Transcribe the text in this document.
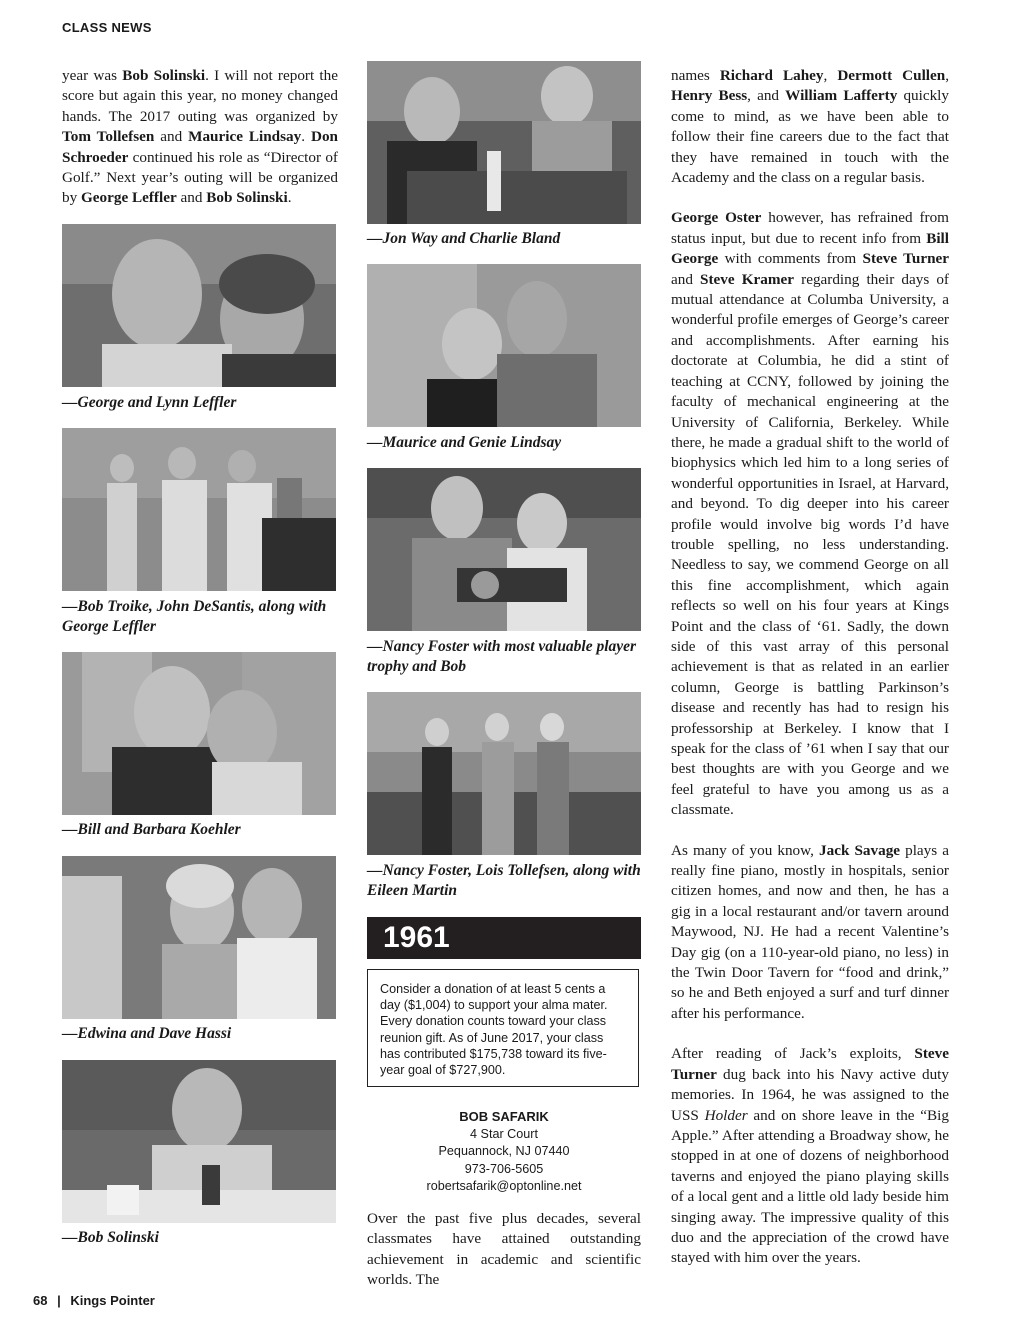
CLASS NEWS

year was Bob Solinski. I will not report the score but again this year, no money changed hands. The 2017 outing was organized by Tom Tollefsen and Maurice Lindsay. Don Schroeder continued his role as “Director of Golf.” Next year’s outing will be organized by George Leffler and Bob Solinski.

—George and Lynn Leffler
—Bob Troike, John DeSantis, along with George Leffler
—Bill and Barbara Koehler
—Edwina and Dave Hassi
—Bob Solinski
—Jon Way and Charlie Bland
—Maurice and Genie Lindsay
—Nancy Foster with most valuable player trophy and Bob
—Nancy Foster, Lois Tollefsen, along with Eileen Martin
1961
Consider a donation of at least 5 cents a day ($1,004) to support your alma mater. Every donation counts toward your class reunion gift. As of June 2017, your class has contributed $175,738 toward its five-year goal of $727,900.
BOB SAFARIK
4 Star Court
Pequannock, NJ 07440
973-706-5605
robertsafarik@optonline.net

Over the past five plus decades, several classmates have attained outstanding achievement in academic and scientific worlds. The

names Richard Lahey, Dermott Cullen, Henry Bess, and William Lafferty quickly come to mind, as we have been able to follow their fine careers due to the fact that they have remained in touch with the Academy and the class on a regular basis.

George Oster however, has refrained from status input, but due to recent info from Bill George with comments from Steve Turner and Steve Kramer regarding their days of mutual attendance at Columba University, a wonderful profile emerges of George’s career and accomplishments. After earning his doctorate at Columbia, he did a stint of teaching at CCNY, followed by joining the faculty of mechanical engineering at the University of California, Berkeley. While there, he made a gradual shift to the world of biophysics which led him to a long series of wonderful opportunities in Israel, at Harvard, and beyond. To dig deeper into his career profile would involve big words I’d have trouble spelling, no less understanding. Needless to say, we commend George on all this fine accomplishment, which again reflects so well on his four years at Kings Point and the class of ‘61. Sadly, the down side of this vast array of this personal achievement is that as related in an earlier column, George is battling Parkinson’s disease and recently has had to resign his professorship at Berkeley. I know that I speak for the class of ’61 when I say that our best thoughts are with you George and we feel grateful to have you among us as a classmate.

As many of you know, Jack Savage plays a really fine piano, mostly in hospitals, senior citizen homes, and now and then, he has a gig in a local restaurant and/or tavern around Maywood, NJ. He had a recent Valentine’s Day gig (on a 110-year-old piano, no less) in the Twin Door Tavern for “food and drink,” so he and Beth enjoyed a surf and turf dinner after his performance.

After reading of Jack’s exploits, Steve Turner dug back into his Navy active duty memories. In 1964, he was assigned to the USS Holder and on shore leave in the “Big Apple.” After attending a Broadway show, he stopped in at one of dozens of neighborhood taverns and enjoyed the piano playing skills of a local gent and a little old lady beside him singing away. The impressive quality of this duo and the appreciation of the crowd have stayed with him over the years.

68 | Kings Pointer
